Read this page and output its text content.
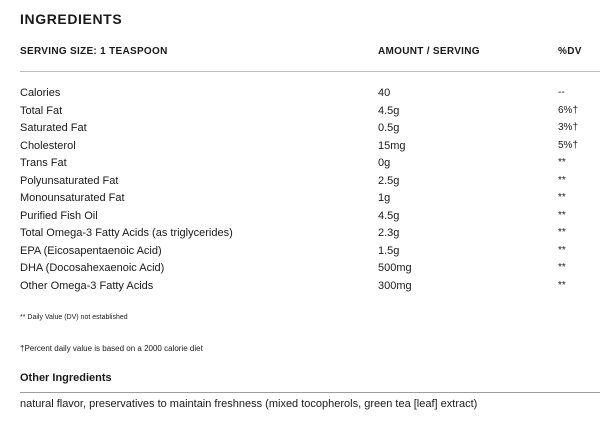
INGREDIENTS
SERVING SIZE: 1 TEASPOON	AMOUNT / SERVING	%DV
Calories	40	--
Total Fat	4.5g	6%†
Saturated Fat	0.5g	3%†
Cholesterol	15mg	5%†
Trans Fat	0g	**
Polyunsaturated Fat	2.5g	**
Monounsaturated Fat	1g	**
Purified Fish Oil	4.5g	**
Total Omega-3 Fatty Acids (as triglycerides)	2.3g	**
EPA (Eicosapentaenoic Acid)	1.5g	**
DHA (Docosahexaenoic Acid)	500mg	**
Other Omega-3 Fatty Acids	300mg	**
** Daily Value (DV) not established
†Percent daily value is based on a 2000 calorie diet
Other Ingredients
natural flavor, preservatives to maintain freshness (mixed tocopherols, green tea [leaf] extract)
